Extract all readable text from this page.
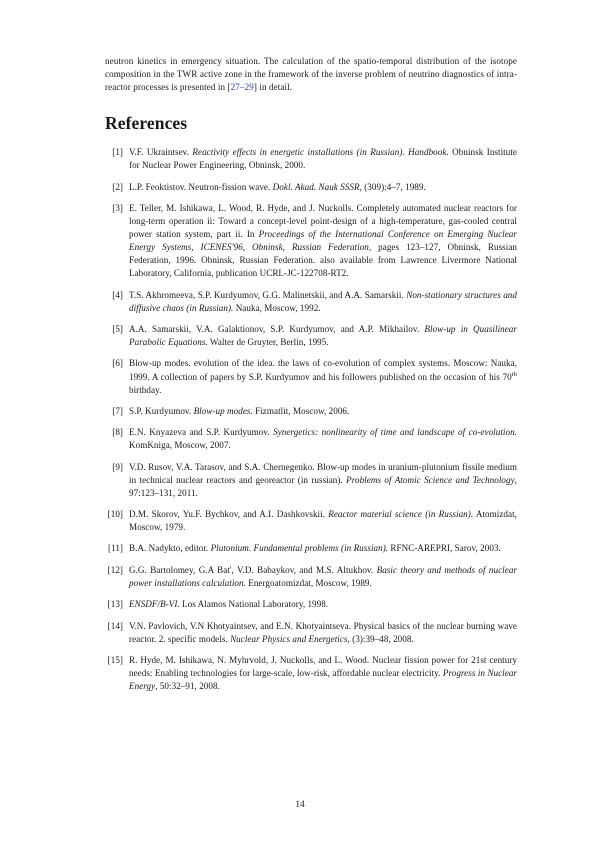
neutron kinetics in emergency situation. The calculation of the spatio-temporal distribution of the isotope composition in the TWR active zone in the framework of the inverse problem of neutrino diagnostics of intra-reactor processes is presented in [27–29] in detail.

References
[1] V.F. Ukraintsev. Reactivity effects in energetic installations (in Russian). Handbook. Obninsk Institute for Nuclear Power Engineering, Obninsk, 2000.
[2] L.P. Feoktistov. Neutron-fission wave. Dokl. Akad. Nauk SSSR, (309):4–7, 1989.
[3] E. Teller, M. Ishikawa, L. Wood, R. Hyde, and J. Nuckolls. Completely automated nuclear reactors for long-term operation ii: Toward a concept-level point-design of a high-temperature, gas-cooled central power station system, part ii. In Proceedings of the International Conference on Emerging Nuclear Energy Systems, ICENES'96, Obninsk, Russian Federation, pages 123–127, Obninsk, Russian Federation, 1996. Obninsk, Russian Federation. also available from Lawrence Livermore National Laboratory, California, publication UCRL-JC-122708-RT2.
[4] T.S. Akhromeeva, S.P. Kurdyumov, G.G. Malinetskii, and A.A. Samarskii. Non-stationary structures and diffusive chaos (in Russian). Nauka, Moscow, 1992.
[5] A.A. Samarskii, V.A. Galaktionov, S.P. Kurdyumov, and A.P. Mikhailov. Blow-up in Quasilinear Parabolic Equations. Walter de Gruyter, Berlin, 1995.
[6] Blow-up modes. evolution of the idea. the laws of co-evolution of complex systems. Moscow: Nauka, 1999. A collection of papers by S.P. Kurdyumov and his followers published on the occasion of his 70th birthday.
[7] S.P. Kurdyumov. Blow-up modes. Fizmatlit, Moscow, 2006.
[8] E.N. Knyazeva and S.P. Kurdyumov. Synergetics: nonlinearity of time and landscape of co-evolution. KomKniga, Moscow, 2007.
[9] V.D. Rusov, V.A. Tarasov, and S.A. Chernegenko. Blow-up modes in uranium-plutonium fissile medium in technical nuclear reactors and georeactor (in russian). Problems of Atomic Science and Technology, 97:123–131, 2011.
[10] D.M. Skorov, Yu.F. Bychkov, and A.I. Dashkovskii. Reactor material science (in Russian). Atomizdat, Moscow, 1979.
[11] B.A. Nadykto, editor. Plutonium. Fundamental problems (in Russian). RFNC-AREPRI, Sarov, 2003.
[12] G.G. Bartolomey, G.A Bat', V.D. Babaykov, and M.S. Altukhov. Basic theory and methods of nuclear power installations calculation. Energoatomizdat, Moscow, 1989.
[13] ENSDF/B-VI. Los Alamos National Laboratory, 1998.
[14] V.N. Pavlovich, V.N Khotyaintsev, and E.N. Khotyaintseva. Physical basics of the nuclear burning wave reactor. 2. specific models. Nuclear Physics and Energetics, (3):39–48, 2008.
[15] R. Hyde, M. Ishikawa, N. Myhrvold, J. Nuckolls, and L. Wood. Nuclear fission power for 21st century needs: Enabling technologies for large-scale, low-risk, affordable nuclear electricity. Progress in Nuclear Energy, 50:32–91, 2008.
14
